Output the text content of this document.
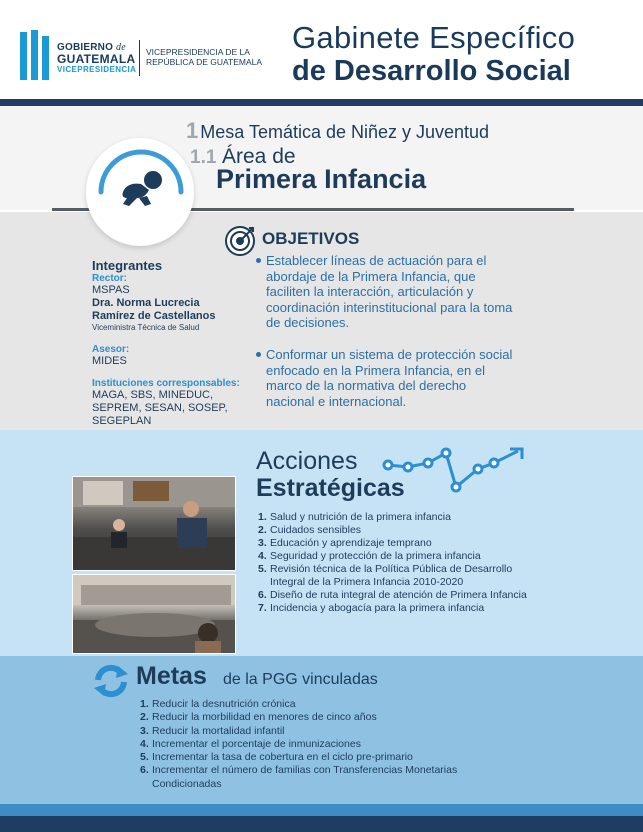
GOBIERNO de
GUATEMALA
VICEPRESIDENCIA
VICEPRESIDENCIA DE LA REPÚBLICA DE GUATEMALA
Gabinete Específico
de Desarrollo Social
1 Mesa Temática de Niñez y Juventud
1.1 Área de
Primera Infancia
OBJETIVOS
Establecer líneas de actuación para el abordaje de la Primera Infancia, que faciliten la interacción, articulación y coordinación interinstitucional para la toma de decisiones.
Conformar un sistema de protección social enfocado en la Primera Infancia, en el marco de la normativa del derecho nacional e internacional.
Integrantes
Rector:
MSPAS
Dra. Norma Lucrecia Ramírez de Castellanos
Viceministra Técnica de Salud
Asesor:
MIDES
Instituciones corresponsables:
MAGA, SBS, MINEDUC, SEPREM, SESAN, SOSEP, SEGEPLAN
Acciones
Estratégicas
1. Salud y nutrición de la primera infancia
2. Cuidados sensibles
3. Educación y aprendizaje temprano
4. Seguridad y protección de la primera infancia
5. Revisión técnica de la Política Pública de Desarrollo Integral de la Primera Infancia 2010-2020
6. Diseño de ruta integral de atención de Primera Infancia
7. Incidencia y abogacía para la primera infancia
Metas de la PGG vinculadas
1. Reducir la desnutrición crónica
2. Reducir la morbilidad en menores de cinco años
3. Reducir la mortalidad infantil
4. Incrementar el porcentaje de inmunizaciones
5. Incrementar la tasa de cobertura en el ciclo pre-primario
6. Incrementar el número de familias con Transferencias Monetarias Condicionadas
